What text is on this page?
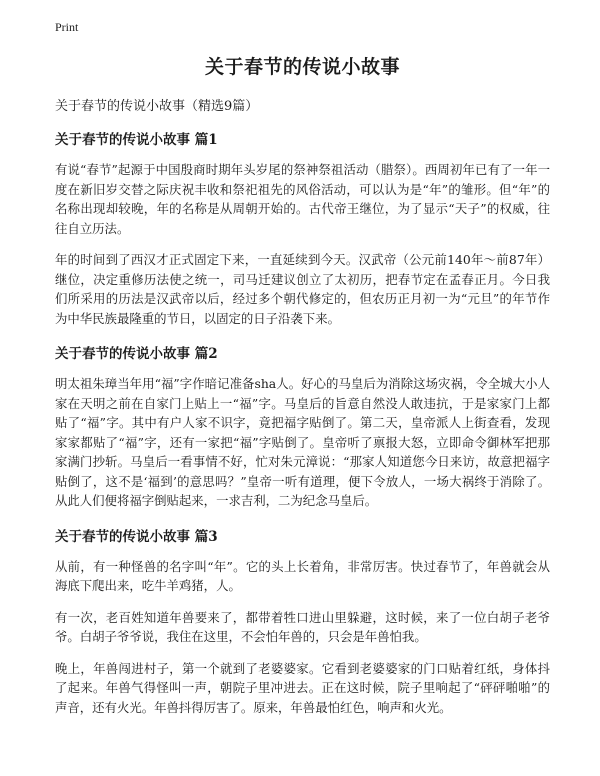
Print
关于春节的传说小故事

关于春节的传说小故事（精选9篇）

关于春节的传说小故事 篇1

有说“春节”起源于中国殷商时期年头岁尾的祭神祭祖活动（腊祭）。西周初年已有了一年一度在新旧岁交替之际庆祝丰收和祭祀祖先的风俗活动，可以认为是“年”的雏形。但“年”的 名称出现却较晚，年的名称是从周朝开始的。古代帝王继位，为了显示“天子”的权威，往往自立历法。

年的时间到了西汉才正式固定下来，一直延续到今天。汉武帝（公元前140年～前87年）继位，决定重修历法使之统一，司马迁建议创立了太初历，把春节定在孟春正月。今日我们所采用的历法是汉武帝以后，经过多个朝代修定的，但农历正月初一为“元旦”的年节作为中华民族最隆重的节日，以固定的日子沿袭下来。

关于春节的传说小故事 篇2

明太祖朱璋当年用“福”字作暗记准备sha人。好心的马皇后为消除这场灾祸，令全城大小人家在天明之前在自家门上贴上一“福”字。马皇后的旨意自然没人敢违抗，于是家家门上都贴了“福”字。其中有户人家不识字，竟把福字贴倒了。第二天，皇帝派人上街查看，发现家家都贴了“福”字，还有一家把“福”字贴倒了。皇帝听了禀报大怒，立即命令御林军把那家满门抄斩。马皇后一看事情不好，忙对朱元漳说：“那家人知道您今日来访，故意把福字贴倒了，这不是‘福到’的意思吗？”皇帝一听有道理，便下令放人，一场大祸终于消除了。从此人们便将福字倒贴起来，一求吉利，二为纪念马皇后。

关于春节的传说小故事 篇3

从前，有一种怪兽的名字叫“年”。它的头上长着角，非常厉害。快过春节了，年兽就会从海底下爬出来，吃牛羊鸡猪，人。

有一次，老百姓知道年兽要来了，都带着牲口进山里躲避，这时候，来了一位白胡子老爷爷。白胡子爷爷说，我住在这里，不会怕年兽的，只会是年兽怕我。

晚上，年兽闯进村子，第一个就到了老婆婆家。它看到老婆婆家的门口贴着红纸，身体抖了起来。年兽气得怪叫一声，朝院子里冲进去。正在这时候，院子里响起了“砰砰啪啪”的声音，还有火光。年兽抖得厉害了。原来，年兽最怕红色，响声和火光。
